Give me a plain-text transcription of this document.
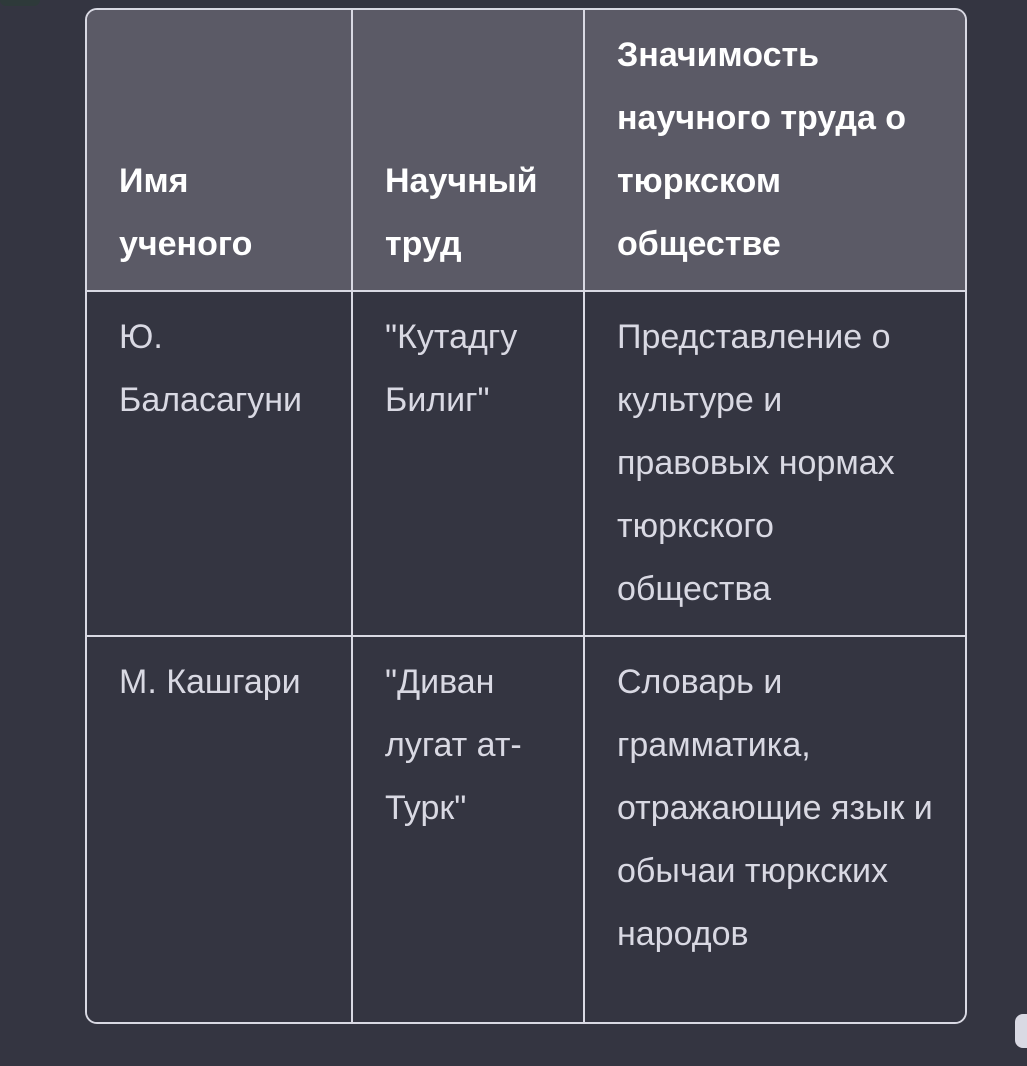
Имя ученого	Научный труд	Значимость научного труда о тюркском обществе
Ю. Баласагуни	"Кутадгу Билиг"	Представление о культуре и правовых нормах тюркского общества
М. Кашгари	"Диван лугат ат-Турк"	Словарь и грамматика, отражающие язык и обычаи тюркских народов
